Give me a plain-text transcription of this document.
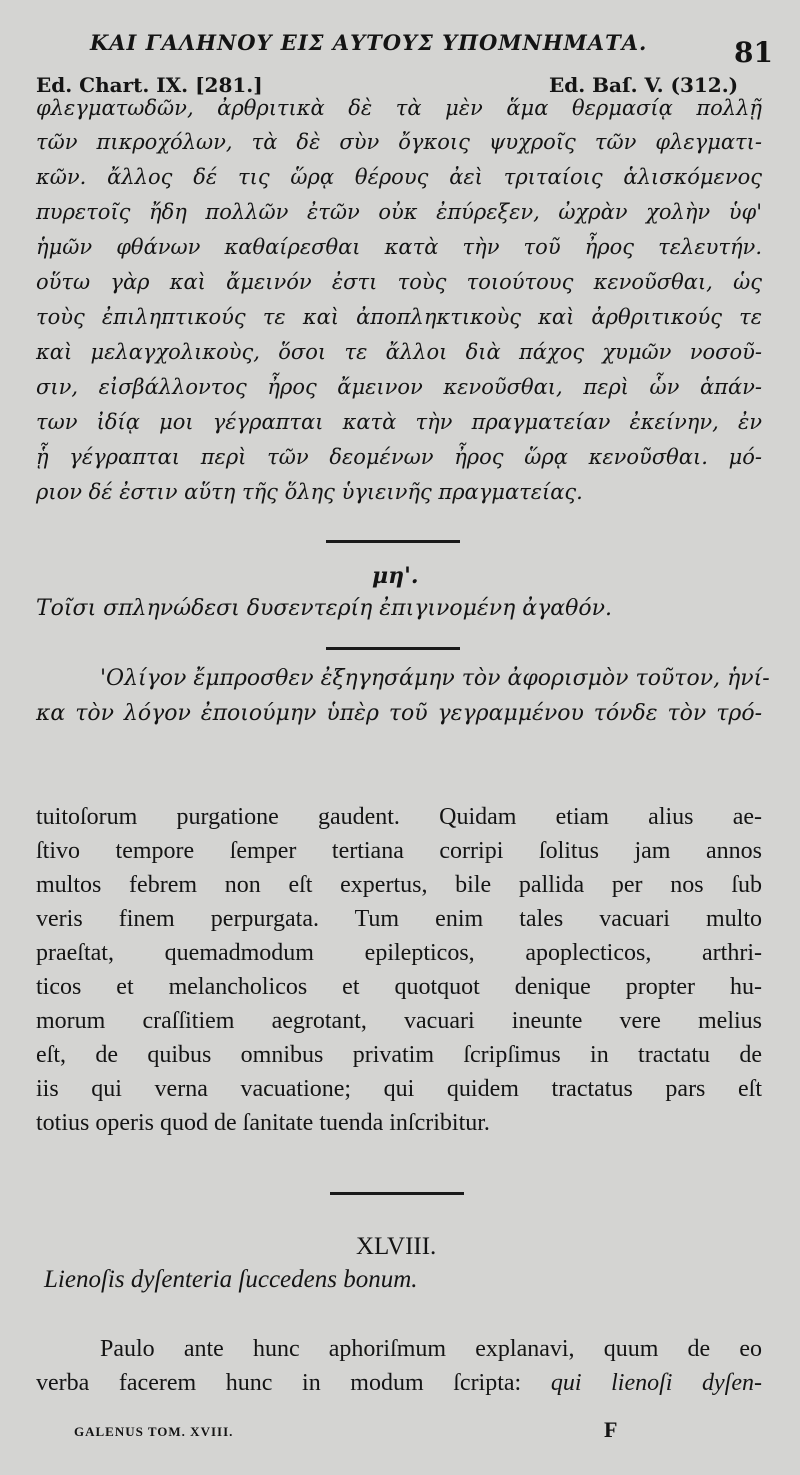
ΚΑΙ ΓΑΛΗΝΟΥ ΕΙΣ ΑΥΤΟΥΣ ΥΠΟΜΝΗΜΑΤΑ.	81
Ed. Chart. IX. [281.]	Ed. Baſ. V. (312.)
φλεγματωδῶν, ἀρθριτικὰ δὲ τὰ μὲν ἅμα θερμασίᾳ πολλῇ
τῶν πικροχόλων, τὰ δὲ σὺν ὄγκοις ψυχροῖς τῶν φλεγματι-
κῶν. ἄλλος δέ τις ὥρᾳ θέρους ἀεὶ τριταίοις ἁλισκόμενος
πυρετοῖς ἤδη πολλῶν ἐτῶν οὐκ ἐπύρεξεν, ὠχρὰν χολὴν ὑφ'
ἡμῶν φθάνων καθαίρεσθαι κατὰ τὴν τοῦ ἦρος τελευτήν.
οὕτω γὰρ καὶ ἄμεινόν ἐστι τοὺς τοιούτους κενοῦσθαι, ὡς
τοὺς ἐπιληπτικούς τε καὶ ἀποπληκτικοὺς καὶ ἀρθριτικούς τε
καὶ μελαγχολικοὺς, ὅσοι τε ἄλλοι διὰ πάχος χυμῶν νοσοῦ-
σιν, εἰσβάλλοντος ἦρος ἄμεινον κενοῦσθαι, περὶ ὧν ἁπάν-
των ἰδίᾳ μοι γέγραπται κατὰ τὴν πραγματείαν ἐκείνην, ἐν
ᾗ γέγραπται περὶ τῶν δεομένων ἦρος ὥρᾳ κενοῦσθαι. μό-
ριον δέ ἐστιν αὕτη τῆς ὅλης ὑγιεινῆς πραγματείας.
μη'.
Τοῖσι σπληνώδεσι δυσεντερίη ἐπιγινομένη ἀγαθόν.
'Ολίγον ἔμπροσθεν ἐξηγησάμην τὸν ἀφορισμὸν τοῦτον, ἡνί-
κα τὸν λόγον ἐποιούμην ὑπὲρ τοῦ γεγραμμένου τόνδε τὸν τρό-
tuitoſorum purgatione gaudent. Quidam etiam alius ae-
ſtivo tempore ſemper tertiana corripi ſolitus jam annos
multos febrem non eſt expertus, bile pallida per nos ſub
veris finem perpurgata. Tum enim tales vacuari multo
praeſtat, quemadmodum epilepticos, apoplecticos, arthri-
ticos et melancholicos et quotquot denique propter hu-
morum craſſitiem aegrotant, vacuari ineunte vere melius
eſt, de quibus omnibus privatim ſcripſimus in tractatu de
iis qui verna vacuatione; qui quidem tractatus pars eſt
totius operis quod de ſanitate tuenda inſcribitur.
XLVIII.
Lienoſis dyſenteria ſuccedens bonum.
Paulo ante hunc aphoriſmum explanavi, quum de eo
verba facerem hunc in modum ſcripta: qui lienoſi dyſen-
GALENUS TOM. XVIII.	F
